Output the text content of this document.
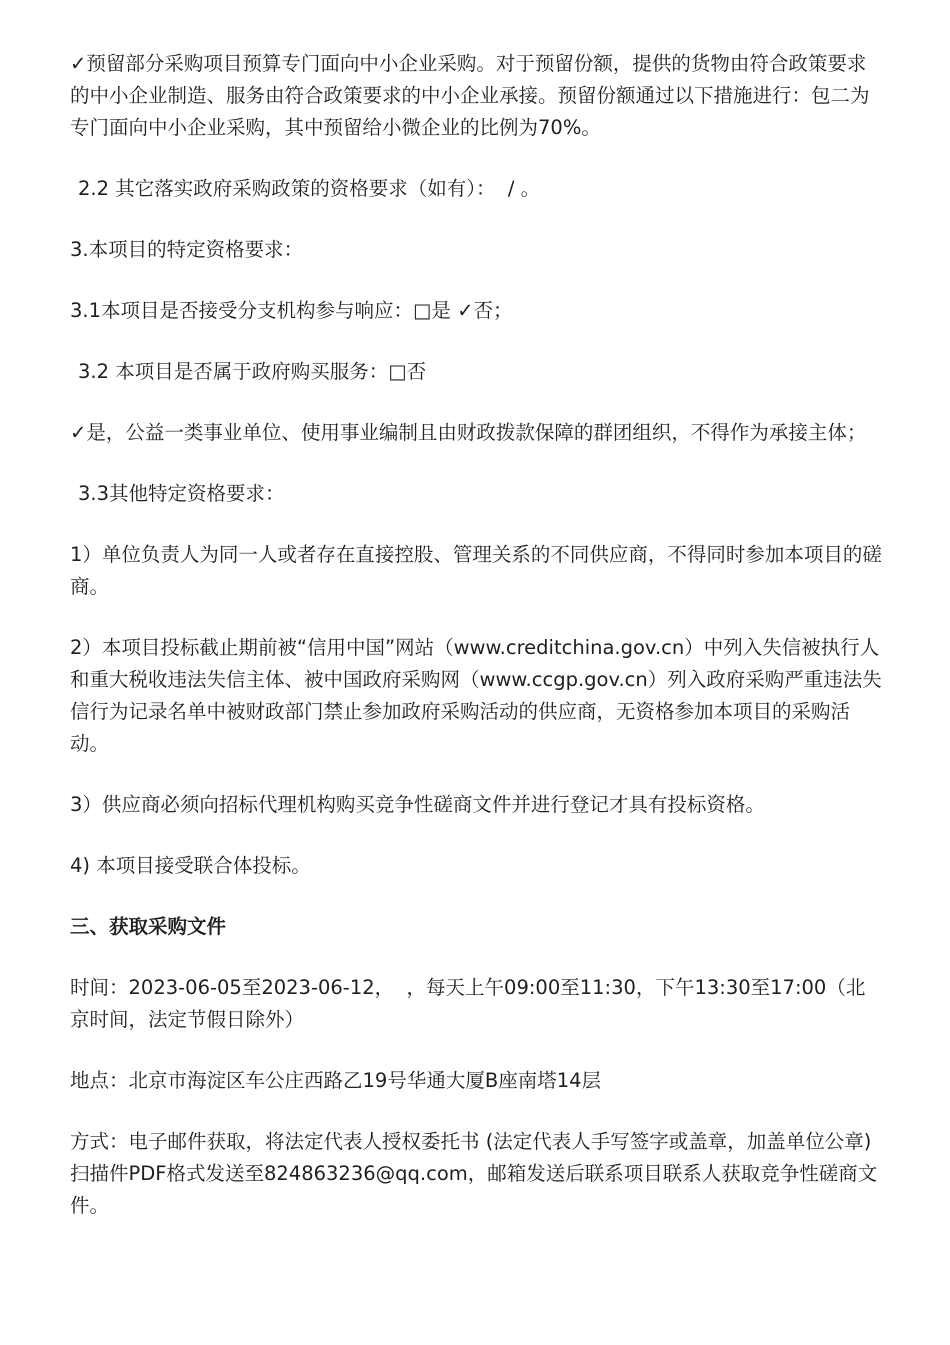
✓预留部分采购项目预算专门面向中小企业采购。对于预留份额，提供的货物由符合政策要求的中小企业制造、服务由符合政策要求的中小企业承接。预留份额通过以下措施进行：包二为专门面向中小企业采购，其中预留给小微企业的比例为70%。

2.2 其它落实政府采购政策的资格要求（如有）：  / 。

3.本项目的特定资格要求：

3.1本项目是否接受分支机构参与响应：□是 ✓否；

3.2 本项目是否属于政府购买服务：□否

✓是，公益一类事业单位、使用事业编制且由财政拨款保障的群团组织，不得作为承接主体；

3.3其他特定资格要求：

1）单位负责人为同一人或者存在直接控股、管理关系的不同供应商，不得同时参加本项目的磋商。

2）本项目投标截止期前被“信用中国”网站（www.creditchina.gov.cn）中列入失信被执行人和重大税收违法失信主体、被中国政府采购网（www.ccgp.gov.cn）列入政府采购严重违法失信行为记录名单中被财政部门禁止参加政府采购活动的供应商，无资格参加本项目的采购活动。

3）供应商必须向招标代理机构购买竞争性磋商文件并进行登记才具有投标资格。

4) 本项目接受联合体投标。

三、获取采购文件

时间：2023-06-05至2023-06-12，  ，每天上午09:00至11:30，下午13:30至17:00（北京时间，法定节假日除外）

地点：北京市海淀区车公庄西路乙19号华通大厦B座南塔14层

方式：电子邮件获取，将法定代表人授权委托书 (法定代表人手写签字或盖章，加盖单位公章)扫描件PDF格式发送至824863236@qq.com，邮箱发送后联系项目联系人获取竞争性磋商文件。
